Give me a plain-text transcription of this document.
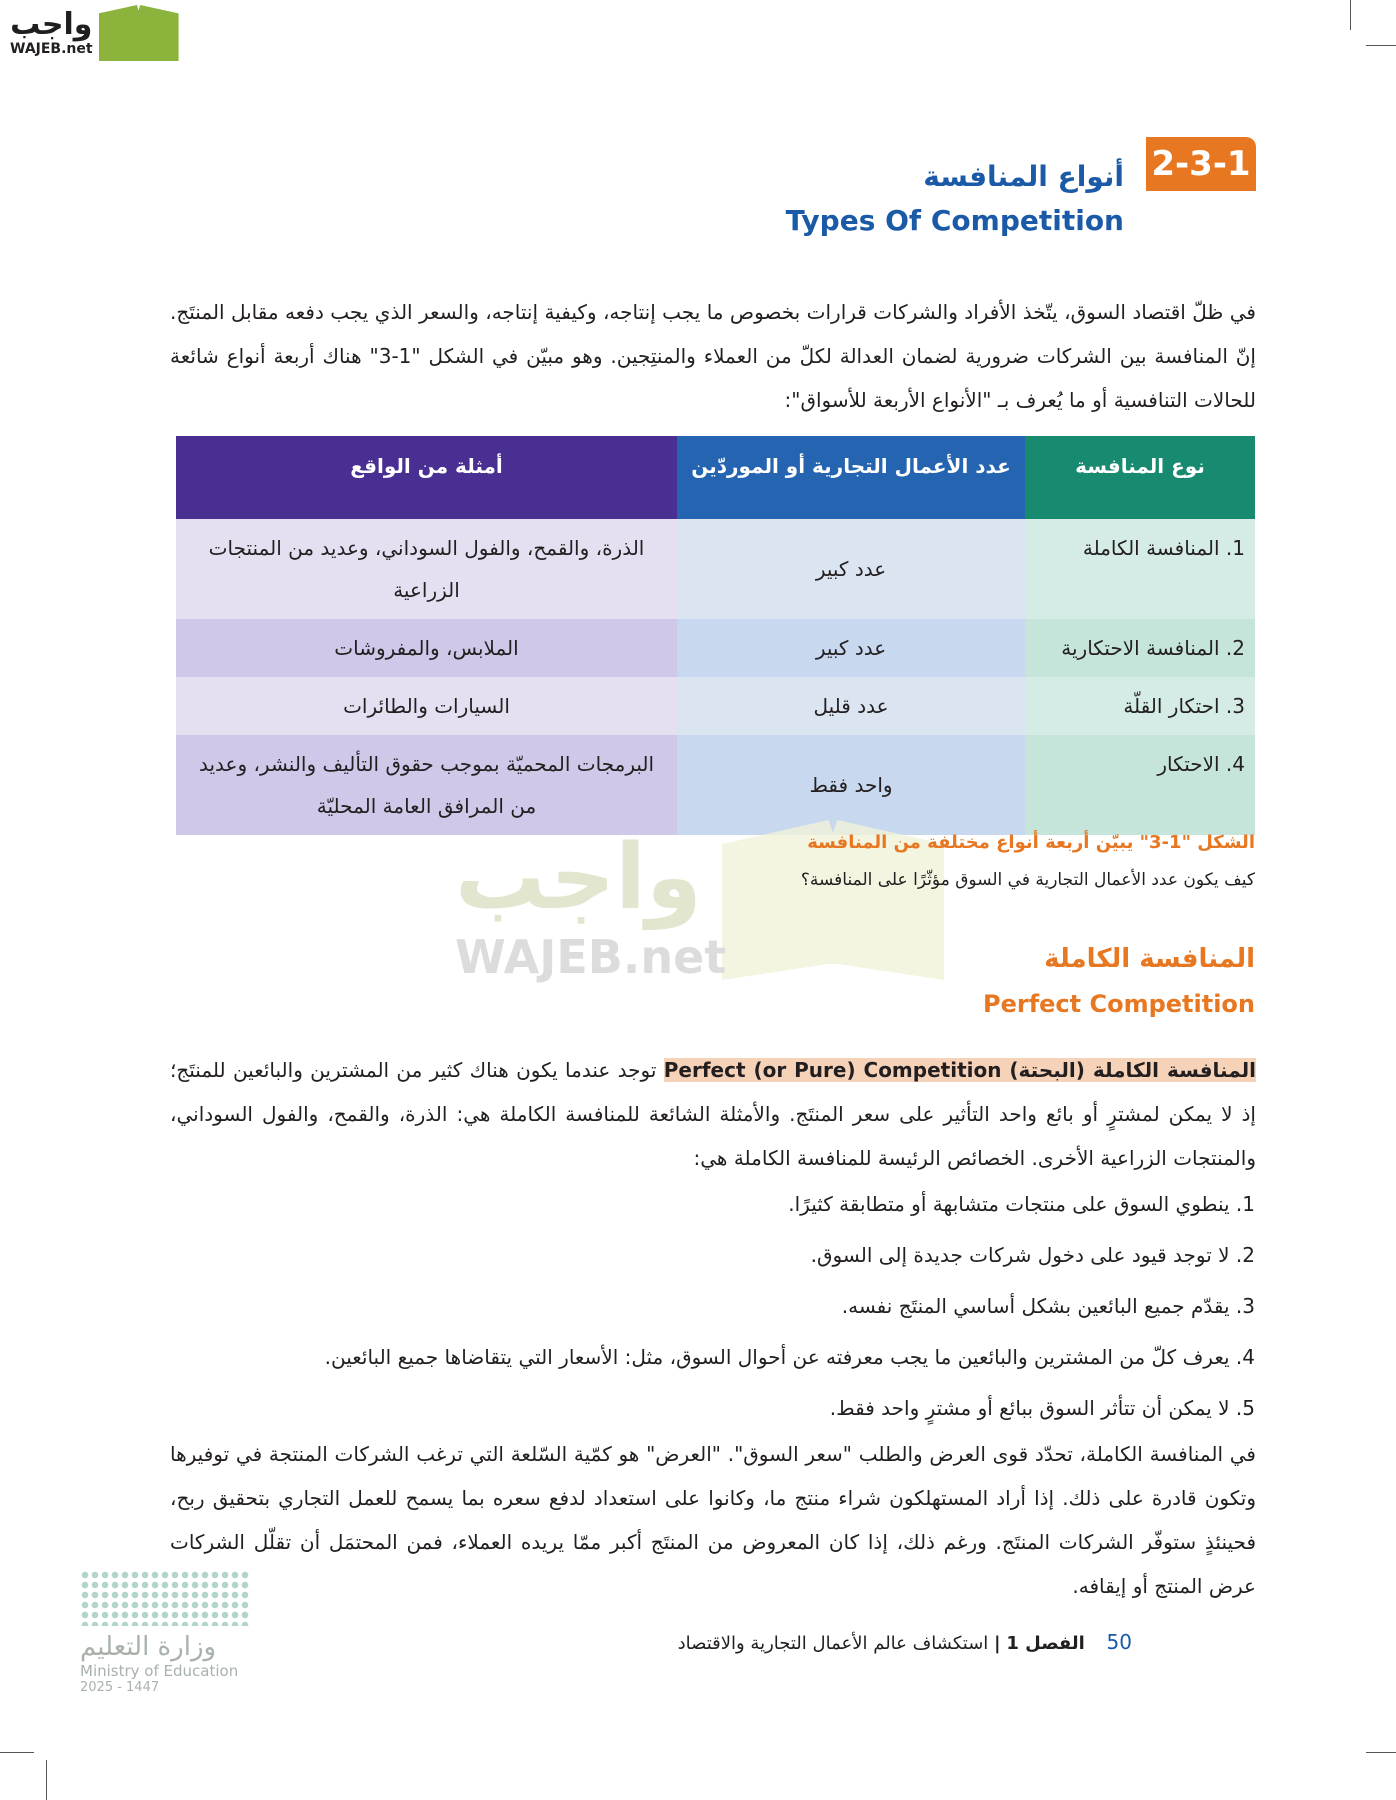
واجب
WAJEB.net
2-3-1
أنواع المنافسة
Types Of Competition

في ظلّ اقتصاد السوق، يتّخذ الأفراد والشركات قرارات بخصوص ما يجب إنتاجه، وكيفية إنتاجه، والسعر الذي يجب دفعه مقابل المنتَج. إنّ المنافسة بين الشركات ضرورية لضمان العدالة لكلّ من العملاء والمنتِجين. وهو مبيّن في الشكل "1-3" هناك أربعة أنواع شائعة للحالات التنافسية أو ما يُعرف بـ "الأنواع الأربعة للأسواق":

نوع المنافسة	عدد الأعمال التجارية أو الموردّين	أمثلة من الواقع
1. المنافسة الكاملة	عدد كبير	الذرة، والقمح، والفول السوداني، وعديد من المنتجات الزراعية
2. المنافسة الاحتكارية	عدد كبير	الملابس، والمفروشات
3. احتكار القلّة	عدد قليل	السيارات والطائرات
4. الاحتكار	واحد فقط	البرمجات المحميّة بموجب حقوق التأليف والنشر، وعديد من المرافق العامة المحليّة
واجب
WAJEB.net
الشكل "1-3" يبيّن أربعة أنواع مختلفة من المنافسة
كيف يكون عدد الأعمال التجارية في السوق مؤثّرًا على المنافسة؟
المنافسة الكاملة
Perfect Competition

المنافسة الكاملة (البحتة) Perfect (or Pure) Competition توجد عندما يكون هناك كثير من المشترين والبائعين للمنتَج؛ إذ لا يمكن لمشترٍ أو بائع واحد التأثير على سعر المنتَج. والأمثلة الشائعة للمنافسة الكاملة هي: الذرة، والقمح، والفول السوداني، والمنتجات الزراعية الأخرى. الخصائص الرئيسة للمنافسة الكاملة هي:

1. ينطوي السوق على منتجات متشابهة أو متطابقة كثيرًا.
2. لا توجد قيود على دخول شركات جديدة إلى السوق.
3. يقدّم جميع البائعين بشكل أساسي المنتَج نفسه.
4. يعرف كلّ من المشترين والبائعين ما يجب معرفته عن أحوال السوق، مثل: الأسعار التي يتقاضاها جميع البائعين.
5. لا يمكن أن تتأثر السوق ببائع أو مشترٍ واحد فقط.

في المنافسة الكاملة، تحدّد قوى العرض والطلب "سعر السوق". "العرض" هو كمّية السّلعة التي ترغب الشركات المنتجة في توفيرها وتكون قادرة على ذلك. إذا أراد المستهلكون شراء منتج ما، وكانوا على استعداد لدفع سعره بما يسمح للعمل التجاري بتحقيق ربح، فحينئذٍ ستوفّر الشركات المنتَج. ورغم ذلك، إذا كان المعروض من المنتَج أكبر ممّا يريده العملاء، فمن المحتمَل أن تقلّل الشركات عرض المنتج أو إيقافه.

50 الفصل 1 | استكشاف عالم الأعمال التجارية والاقتصاد
وزارة التعليم
Ministry of Education
2025 - 1447
